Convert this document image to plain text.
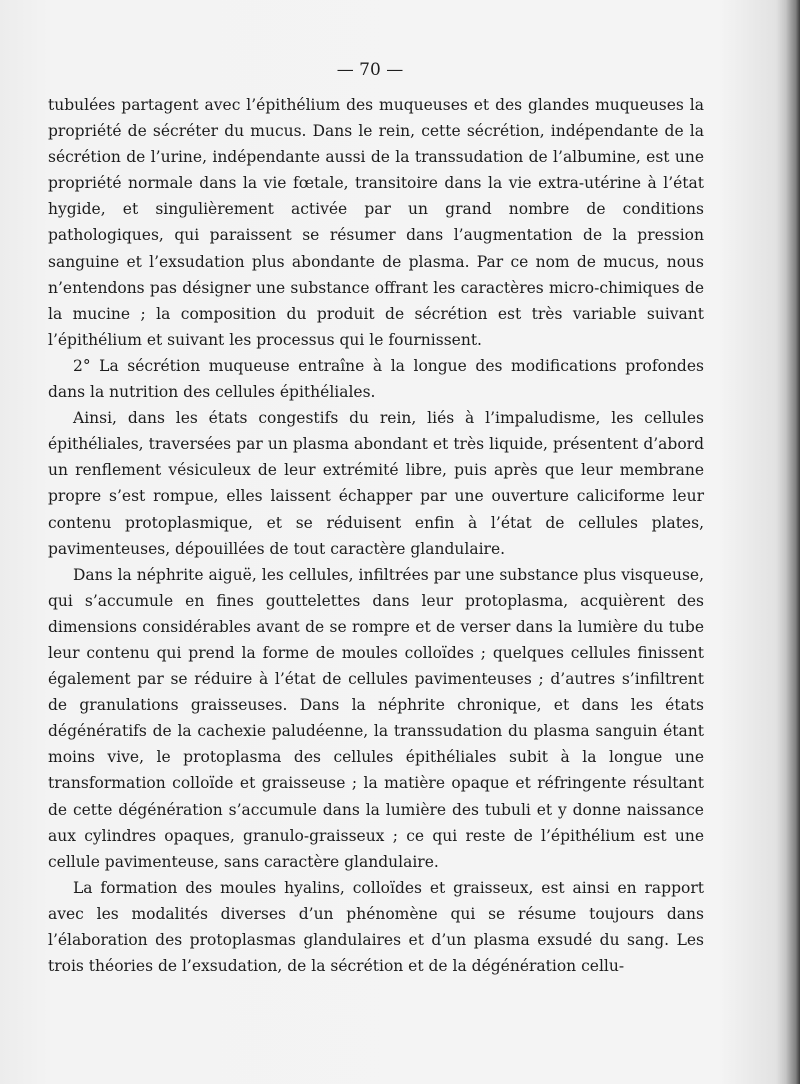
— 70 —

tubulées partagent avec l’épithélium des muqueuses et des glandes muqueuses la propriété de sécréter du mucus. Dans le rein, cette sécrétion, indépendante de la sécrétion de l’urine, indépendante aussi de la transsudation de l’albumine, est une propriété normale dans la vie fœtale, transitoire dans la vie extra-utérine à l’état hygide, et singulièrement activée par un grand nombre de conditions pathologiques, qui paraissent se résumer dans l’augmentation de la pression sanguine et l’exsudation plus abondante de plasma. Par ce nom de mucus, nous n’entendons pas désigner une substance offrant les caractères micro-chimiques de la mucine ; la composition du produit de sécrétion est très variable suivant l’épithélium et suivant les processus qui le fournissent.

2° La sécrétion muqueuse entraîne à la longue des modifications profondes dans la nutrition des cellules épithéliales.

Ainsi, dans les états congestifs du rein, liés à l’impaludisme, les cellules épithéliales, traversées par un plasma abondant et très liquide, présentent d’abord un renflement vésiculeux de leur extrémité libre, puis après que leur membrane propre s’est rompue, elles laissent échapper par une ouverture caliciforme leur contenu protoplasmique, et se réduisent enfin à l’état de cellules plates, pavimenteuses, dépouillées de tout caractère glandulaire.

Dans la néphrite aiguë, les cellules, infiltrées par une substance plus visqueuse, qui s’accumule en fines gouttelettes dans leur protoplasma, acquièrent des dimensions considérables avant de se rompre et de verser dans la lumière du tube leur contenu qui prend la forme de moules colloïdes ; quelques cellules finissent également par se réduire à l’état de cellules pavimenteuses ; d’autres s’infiltrent de granulations graisseuses. Dans la néphrite chronique, et dans les états dégénératifs de la cachexie paludéenne, la transsudation du plasma sanguin étant moins vive, le protoplasma des cellules épithéliales subit à la longue une transformation colloïde et graisseuse ; la matière opaque et réfringente résultant de cette dégénération s’accumule dans la lumière des tubuli et y donne naissance aux cylindres opaques, granulo-graisseux ; ce qui reste de l’épithélium est une cellule pavimenteuse, sans caractère glandulaire.

La formation des moules hyalins, colloïdes et graisseux, est ainsi en rapport avec les modalités diverses d’un phénomène qui se résume toujours dans l’élaboration des protoplasmas glandulaires et d’un plasma exsudé du sang. Les trois théories de l’exsudation, de la sécrétion et de la dégénération cellu-
